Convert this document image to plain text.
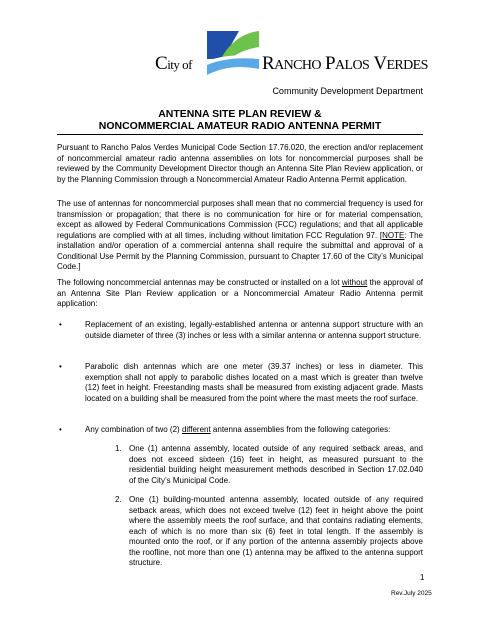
City of	RANCHO PALOS VERDES
Community Development Department
ANTENNA SITE PLAN REVIEW &
NONCOMMERCIAL AMATEUR RADIO ANTENNA PERMIT
Pursuant to Rancho Palos Verdes Municipal Code Section 17.76.020, the erection and/or replacement of noncommercial amateur radio antenna assemblies on lots for noncommercial purposes shall be reviewed by the Community Development Director though an Antenna Site Plan Review application, or by the Planning Commission through a Noncommercial Amateur Radio Antenna Permit application.
The use of antennas for noncommercial purposes shall mean that no commercial frequency is used for transmission or propagation; that there is no communication for hire or for material compensation, except as allowed by Federal Communications Commission (FCC) regulations; and that all applicable regulations are complied with at all times, including without limitation FCC Regulation 97. [NOTE: The installation and/or operation of a commercial antenna shall require the submittal and approval of a Conditional Use Permit by the Planning Commission, pursuant to Chapter 17.60 of the City’s Municipal Code.]
The following noncommercial antennas may be constructed or installed on a lot without the approval of an Antenna Site Plan Review application or a Noncommercial Amateur Radio Antenna permit application:
•	Replacement of an existing, legally-established antenna or antenna support structure with an outside diameter of three (3) inches or less with a similar antenna or antenna support structure.
•	Parabolic dish antennas which are one meter (39.37 inches) or less in diameter. This exemption shall not apply to parabolic dishes located on a mast which is greater than twelve (12) feet in height. Freestanding masts shall be measured from existing adjacent grade. Masts located on a building shall be measured from the point where the mast meets the roof surface.
•	Any combination of two (2) different antenna assemblies from the following categories:
1. One (1) antenna assembly, located outside of any required setback areas, and does not exceed sixteen (16) feet in height, as measured pursuant to the residential building height measurement methods described in Section 17.02.040 of the City’s Municipal Code.
2. One (1) building-mounted antenna assembly, located outside of any required setback areas, which does not exceed twelve (12) feet in height above the point where the assembly meets the roof surface, and that contains radiating elements, each of which is no more than six (6) feet in total length. If the assembly is mounted onto the roof, or if any portion of the antenna assembly projects above the roofline, not more than one (1) antenna may be affixed to the antenna support structure.
1
Rev.July 2025
